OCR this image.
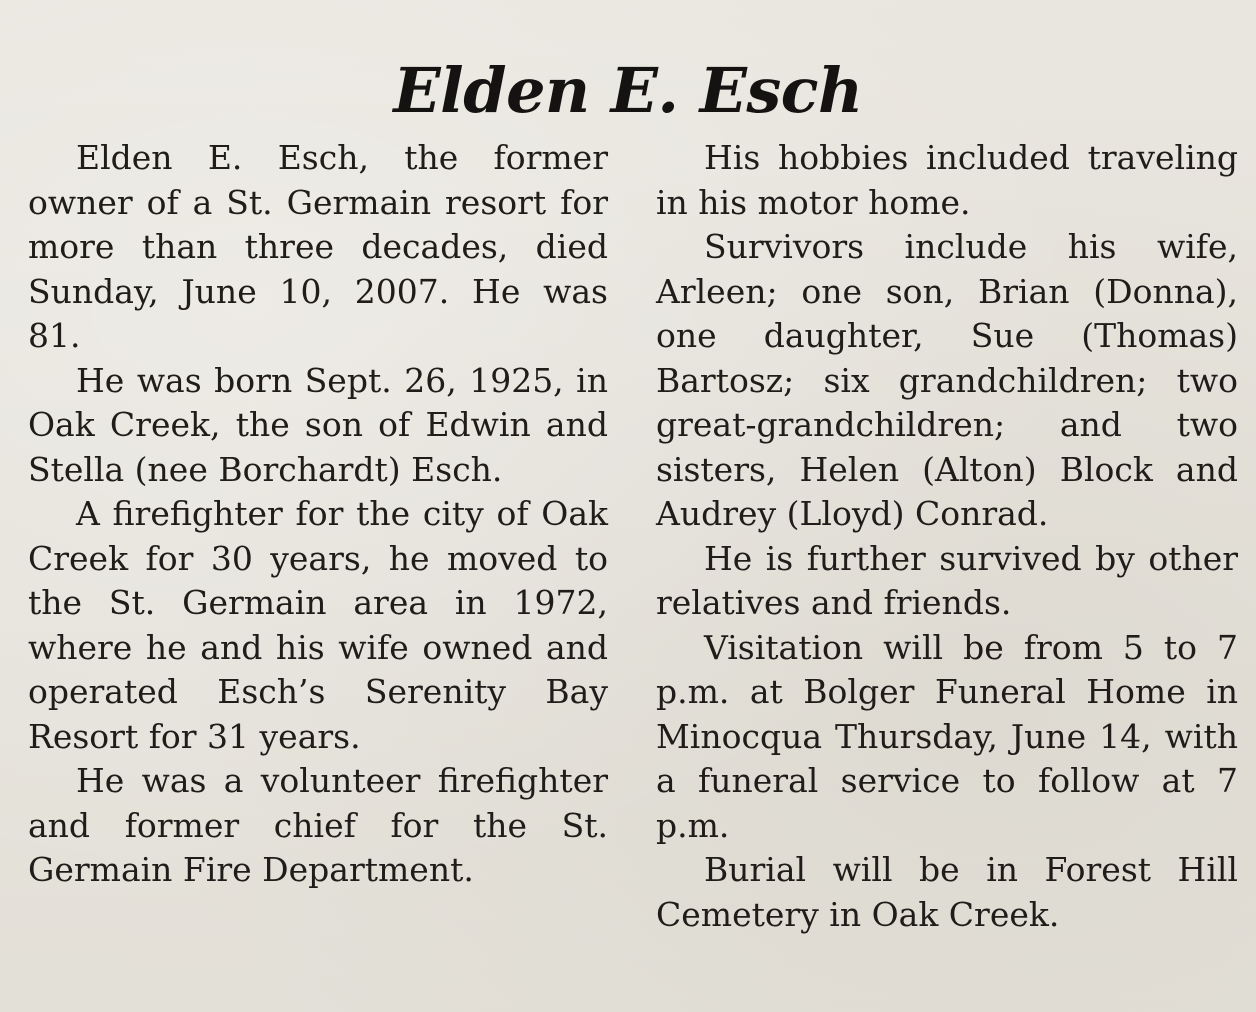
Elden E. Esch

Elden E. Esch, the former owner of a St. Germain resort for more than three decades, died Sunday, June 10, 2007. He was 81.

He was born Sept. 26, 1925, in Oak Creek, the son of Edwin and Stella (nee Borchardt) Esch.

A firefighter for the city of Oak Creek for 30 years, he moved to the St. Germain area in 1972, where he and his wife owned and operated Esch’s Serenity Bay Resort for 31 years.

He was a volunteer firefighter and former chief for the St. Germain Fire Department.

His hobbies included traveling in his motor home.

Survivors include his wife, Arleen; one son, Brian (Donna), one daughter, Sue (Thomas) Bartosz; six grandchildren; two great-grandchildren; and two sisters, Helen (Alton) Block and Audrey (Lloyd) Conrad.

He is further survived by other relatives and friends.

Visitation will be from 5 to 7 p.m. at Bolger Funeral Home in Minocqua Thursday, June 14, with a funeral service to follow at 7 p.m.

Burial will be in Forest Hill Cemetery in Oak Creek.
